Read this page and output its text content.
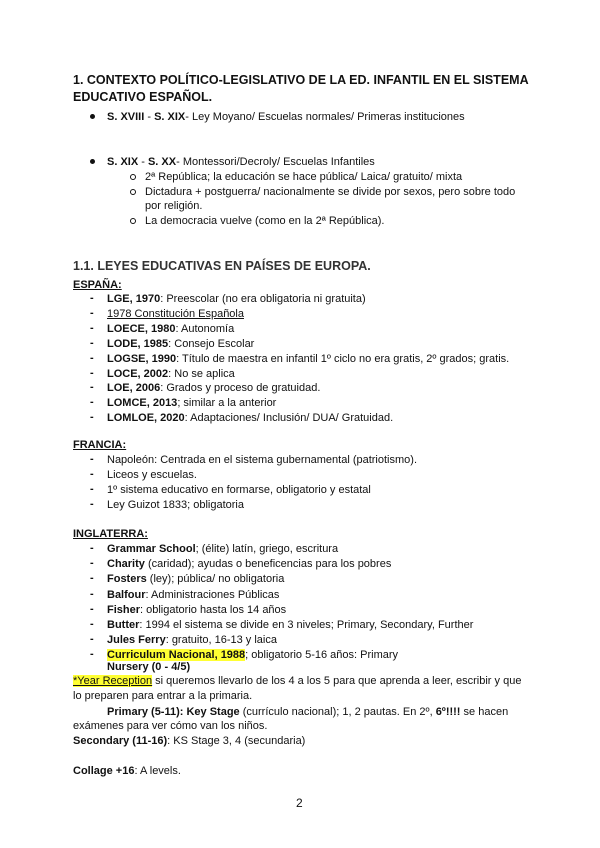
1. CONTEXTO POLÍTICO-LEGISLATIVO DE LA ED. INFANTIL EN EL SISTEMA EDUCATIVO ESPAÑOL.
S. XVIII - S. XIX- Ley Moyano/ Escuelas normales/ Primeras instituciones
S. XIX - S. XX- Montessori/Decroly/ Escuelas Infantiles
2ª República; la educación se hace pública/ Laica/ gratuito/ mixta
Dictadura + postguerra/ nacionalmente se divide por sexos, pero sobre todo
por religión.
La democracia vuelve (como en la 2ª República).
1.1. LEYES EDUCATIVAS EN PAÍSES DE EUROPA.
ESPAÑA:
- LGE, 1970: Preescolar (no era obligatoria ni gratuita)
- 1978 Constitución Española
- LOECE, 1980: Autonomía
- LODE, 1985: Consejo Escolar
- LOGSE, 1990: Título de maestra en infantil 1º ciclo no era gratis, 2º grados; gratis.
- LOCE, 2002: No se aplica
- LOE, 2006: Grados y proceso de gratuidad.
- LOMCE, 2013; similar a la anterior
- LOMLOE, 2020: Adaptaciones/ Inclusión/ DUA/ Gratuidad.
FRANCIA:
- Napoleón: Centrada en el sistema gubernamental (patriotismo).
- Liceos y escuelas.
- 1º sistema educativo en formarse, obligatorio y estatal
- Ley Guizot 1833; obligatoria
INGLATERRA:
- Grammar School; (élite) latín, griego, escritura
- Charity (caridad); ayudas o beneficencias para los pobres
- Fosters (ley); pública/ no obligatoria
- Balfour: Administraciones Públicas
- Fisher: obligatorio hasta los 14 años
- Butter: 1994 el sistema se divide en 3 niveles; Primary, Secondary, Further
- Jules Ferry: gratuito, 16-13 y laica
- Curriculum Nacional, 1988; obligatorio 5-16 años: Primary
Nursery (0 - 4/5)
*Year Reception si queremos llevarlo de los 4 a los 5 para que aprenda a leer, escribir y que
lo preparen para entrar a la primaria.
Primary (5-11): Key Stage (currículo nacional); 1, 2 pautas. En 2º, 6º!!!! se hacen
exámenes para ver cómo van los niños.
Secondary (11-16): KS Stage 3, 4 (secundaria)
Collage +16: A levels.
2
